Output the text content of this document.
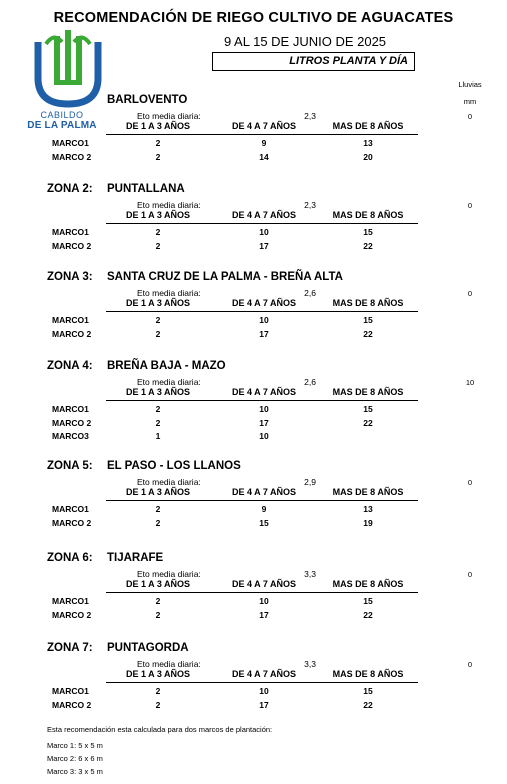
RECOMENDACIÓN DE RIEGO CULTIVO DE AGUACATES
9 AL 15 DE JUNIO DE 2025
LITROS PLANTA Y DÍA
CABILDO
DE LA PALMA
Lluvias
mm
BARLOVENTO
Eto media diaria:	2,3	0
DE 1 A 3 AÑOS	DE 4 A 7 AÑOS	MAS DE 8 AÑOS
MARCO1	2	9	13
MARCO 2	2	14	20
ZONA 2:	PUNTALLANA
Eto media diaria:	2,3	0
DE 1 A 3 AÑOS	DE 4 A 7 AÑOS	MAS DE 8 AÑOS
MARCO1	2	10	15
MARCO 2	2	17	22
ZONA 3:	SANTA CRUZ DE LA PALMA - BREÑA ALTA
Eto media diaria:	2,6	0
DE 1 A 3 AÑOS	DE 4 A 7 AÑOS	MAS DE 8 AÑOS
MARCO1	2	10	15
MARCO 2	2	17	22
ZONA 4:	BREÑA BAJA - MAZO
Eto media diaria:	2,6	10
DE 1 A 3 AÑOS	DE 4 A 7 AÑOS	MAS DE 8 AÑOS
MARCO1	2	10	15
MARCO 2	2	17	22
MARCO3	1	10
ZONA 5:	EL PASO - LOS LLANOS
Eto media diaria:	2,9	0
DE 1 A 3 AÑOS	DE 4 A 7 AÑOS	MAS DE 8 AÑOS
MARCO1	2	9	13
MARCO 2	2	15	19
ZONA 6:	TIJARAFE
Eto media diaria:	3,3	0
DE 1 A 3 AÑOS	DE 4 A 7 AÑOS	MAS DE 8 AÑOS
MARCO1	2	10	15
MARCO 2	2	17	22
ZONA 7:	PUNTAGORDA
Eto media diaria:	3,3	0
DE 1 A 3 AÑOS	DE 4 A 7 AÑOS	MAS DE 8 AÑOS
MARCO1	2	10	15
MARCO 2	2	17	22
Esta recomendación esta calculada para dos marcos de plantación:
Marco 1: 5 x 5 m
Marco 2: 6 x 6 m
Marco 3: 3 x 5 m
